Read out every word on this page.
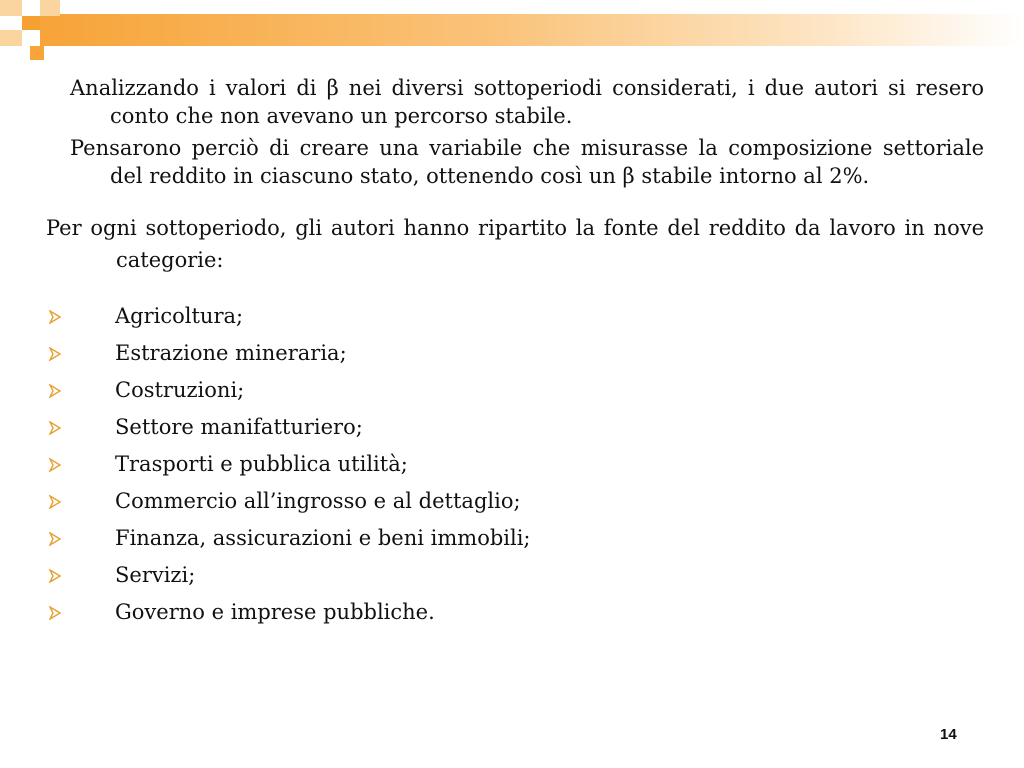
Analizzando i valori di β nei diversi sottoperiodi considerati, i due autori si resero conto che non avevano un percorso stabile.

Pensarono perciò di creare una variabile che misurasse la composizione settoriale del reddito in ciascuno stato, ottenendo così un β stabile intorno al 2%.

Per ogni sottoperiodo, gli autori hanno ripartito la fonte del reddito da lavoro in nove categorie:

Agricoltura;
Estrazione mineraria;
Costruzioni;
Settore manifatturiero;
Trasporti e pubblica utilità;
Commercio all’ingrosso e al dettaglio;
Finanza, assicurazioni e beni immobili;
Servizi;
Governo e imprese pubbliche.
14
